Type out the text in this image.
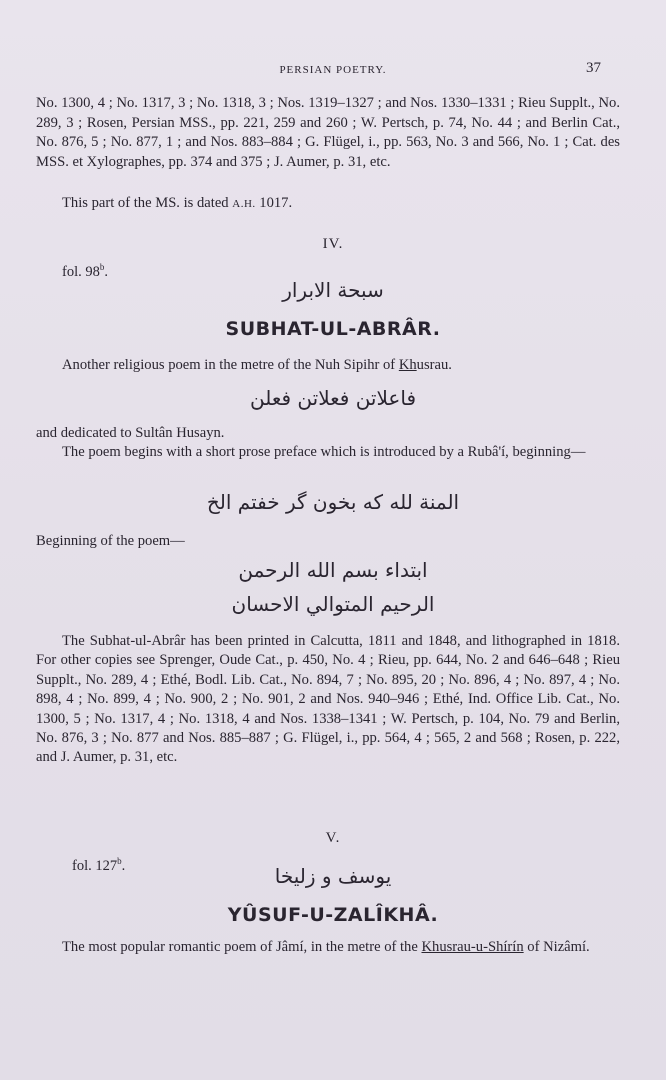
PERSIAN POETRY.	37
No. 1300, 4 ; No. 1317, 3 ; No. 1318, 3 ; Nos. 1319–1327 ; and Nos. 1330–1331 ; Rieu Supplt., No. 289, 3 ; Rosen, Persian MSS., pp. 221, 259 and 260 ; W. Pertsch, p. 74, No. 44 ; and Berlin Cat., No. 876, 5 ; No. 877, 1 ; and Nos. 883–884 ; G. Flügel, i., pp. 563, No. 3 and 566, No. 1 ; Cat. des MSS. et Xylographes, pp. 374 and 375 ; J. Aumer, p. 31, etc.
This part of the MS. is dated A.H. 1017.
IV.
fol. 98$^b$.
سبحة الابرار
SUBHAT-UL-ABRÂR.
Another religious poem in the metre of the Nuh Sipihr of Khusrau.
فاعلاتن فعلاتن فعلن
and dedicated to Sultân Husayn.
The poem begins with a short prose preface which is introduced by a Rubâ'í, beginning—
المنة لله که بخون گر خفتم الخ
Beginning of the poem—
ابتداء بسم الله الرحمن
الرحيم المتوالي الاحسان
The Subhat-ul-Abrâr has been printed in Calcutta, 1811 and 1848, and lithographed in 1818. For other copies see Sprenger, Oude Cat., p. 450, No. 4 ; Rieu, pp. 644, No. 2 and 646–648 ; Rieu Supplt., No. 289, 4 ; Ethé, Bodl. Lib. Cat., No. 894, 7 ; No. 895, 20 ; No. 896, 4 ; No. 897, 4 ; No. 898, 4 ; No. 899, 4 ; No. 900, 2 ; No. 901, 2 and Nos. 940–946 ; Ethé, Ind. Office Lib. Cat., No. 1300, 5 ; No. 1317, 4 ; No. 1318, 4 and Nos. 1338–1341 ; W. Pertsch, p. 104, No. 79 and Berlin, No. 876, 3 ; No. 877 and Nos. 885–887 ; G. Flügel, i., pp. 564, 4 ; 565, 2 and 568 ; Rosen, p. 222, and J. Aumer, p. 31, etc.
V.
fol. 127$^b$.	یوسف و زلیخا
YÛSUF-U-ZALÎKHÂ.
The most popular romantic poem of Jâmí, in the metre of the Khusrau-u-Shírín of Nizâmí.
